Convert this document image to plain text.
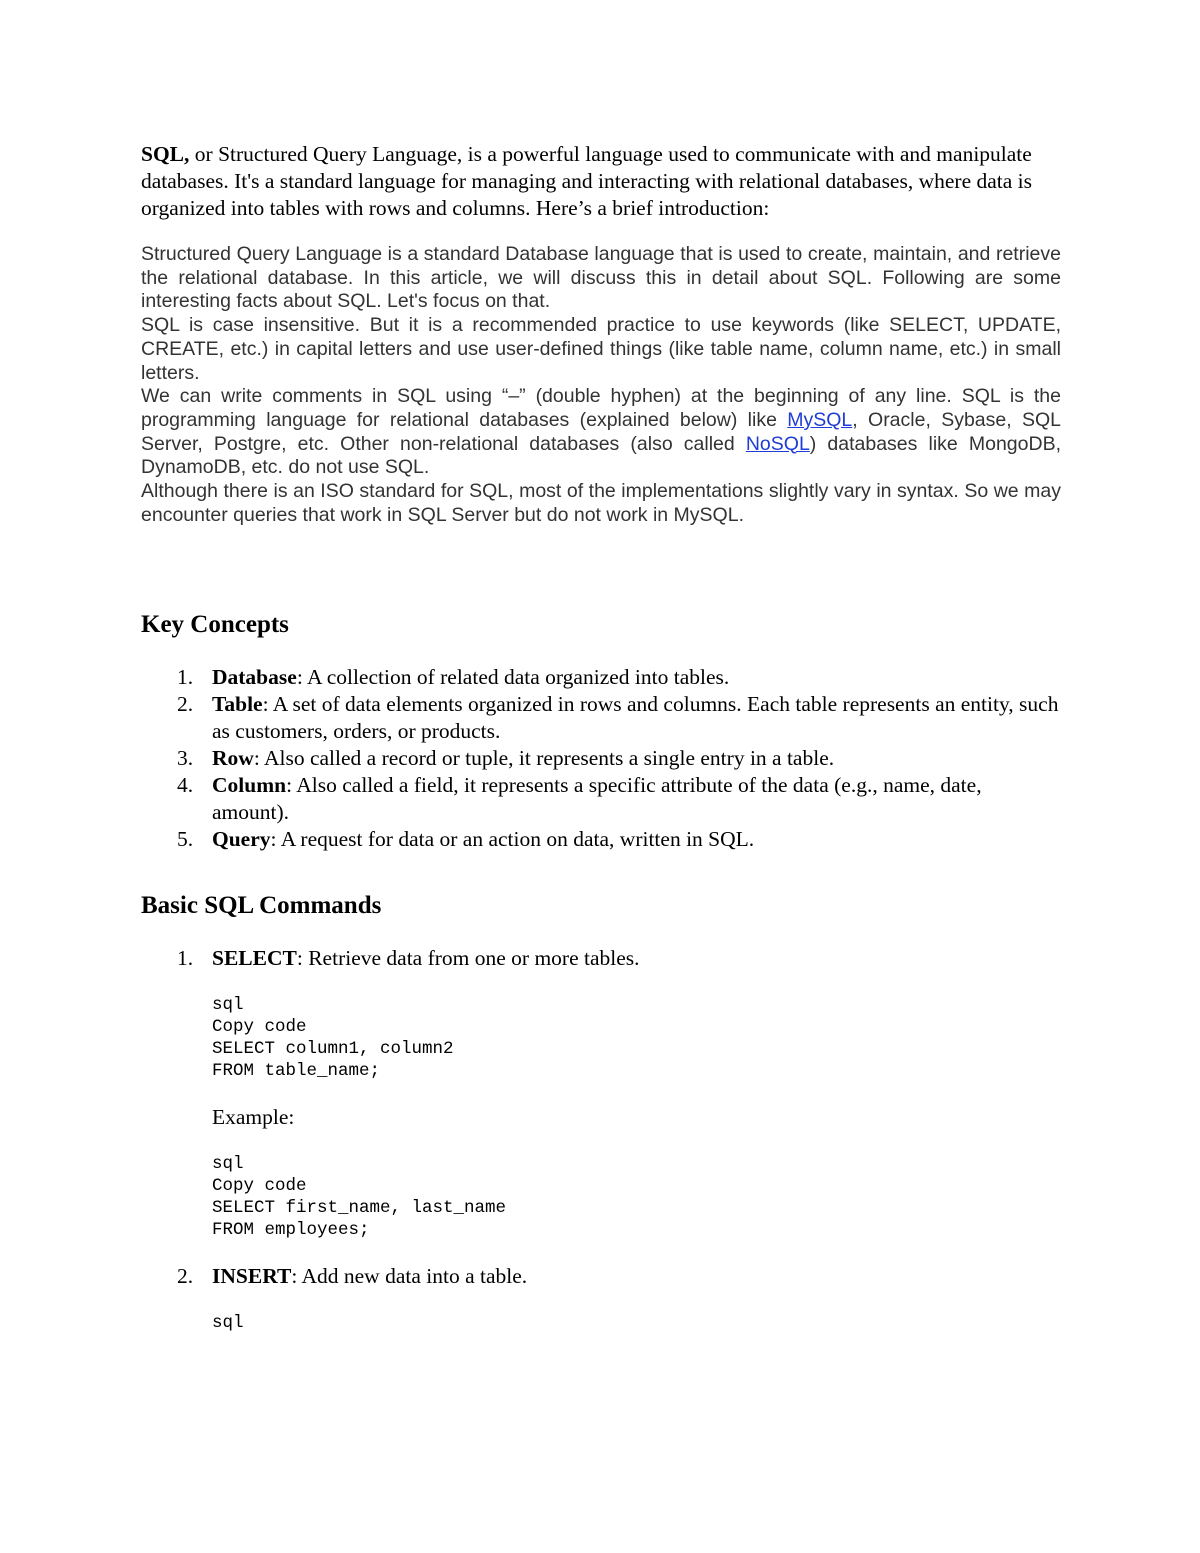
SQL, or Structured Query Language, is a powerful language used to communicate with and manipulate databases. It's a standard language for managing and interacting with relational databases, where data is organized into tables with rows and columns. Here’s a brief introduction:

Structured Query Language is a standard Database language that is used to create, maintain, and retrieve the relational database. In this article, we will discuss this in detail about SQL. Following are some interesting facts about SQL. Let's focus on that.

SQL is case insensitive. But it is a recommended practice to use keywords (like SELECT, UPDATE, CREATE, etc.) in capital letters and use user-defined things (like table name, column name, etc.) in small letters.

We can write comments in SQL using “–” (double hyphen) at the beginning of any line. SQL is the programming language for relational databases (explained below) like MySQL, Oracle, Sybase, SQL Server, Postgre, etc. Other non-relational databases (also called NoSQL) databases like MongoDB, DynamoDB, etc. do not use SQL.

Although there is an ISO standard for SQL, most of the implementations slightly vary in syntax. So we may encounter queries that work in SQL Server but do not work in MySQL.

Key Concepts
1. Database: A collection of related data organized into tables.
2. Table: A set of data elements organized in rows and columns. Each table represents an entity, such as customers, orders, or products.
3. Row: Also called a record or tuple, it represents a single entry in a table.
4. Column: Also called a field, it represents a specific attribute of the data (e.g., name, date, amount).
5. Query: A request for data or an action on data, written in SQL.
Basic SQL Commands
1. SELECT: Retrieve data from one or more tables.
sql
Copy code
SELECT column1, column2
FROM table_name;
Example:
sql
Copy code
SELECT first_name, last_name
FROM employees;
2. INSERT: Add new data into a table.
sql
